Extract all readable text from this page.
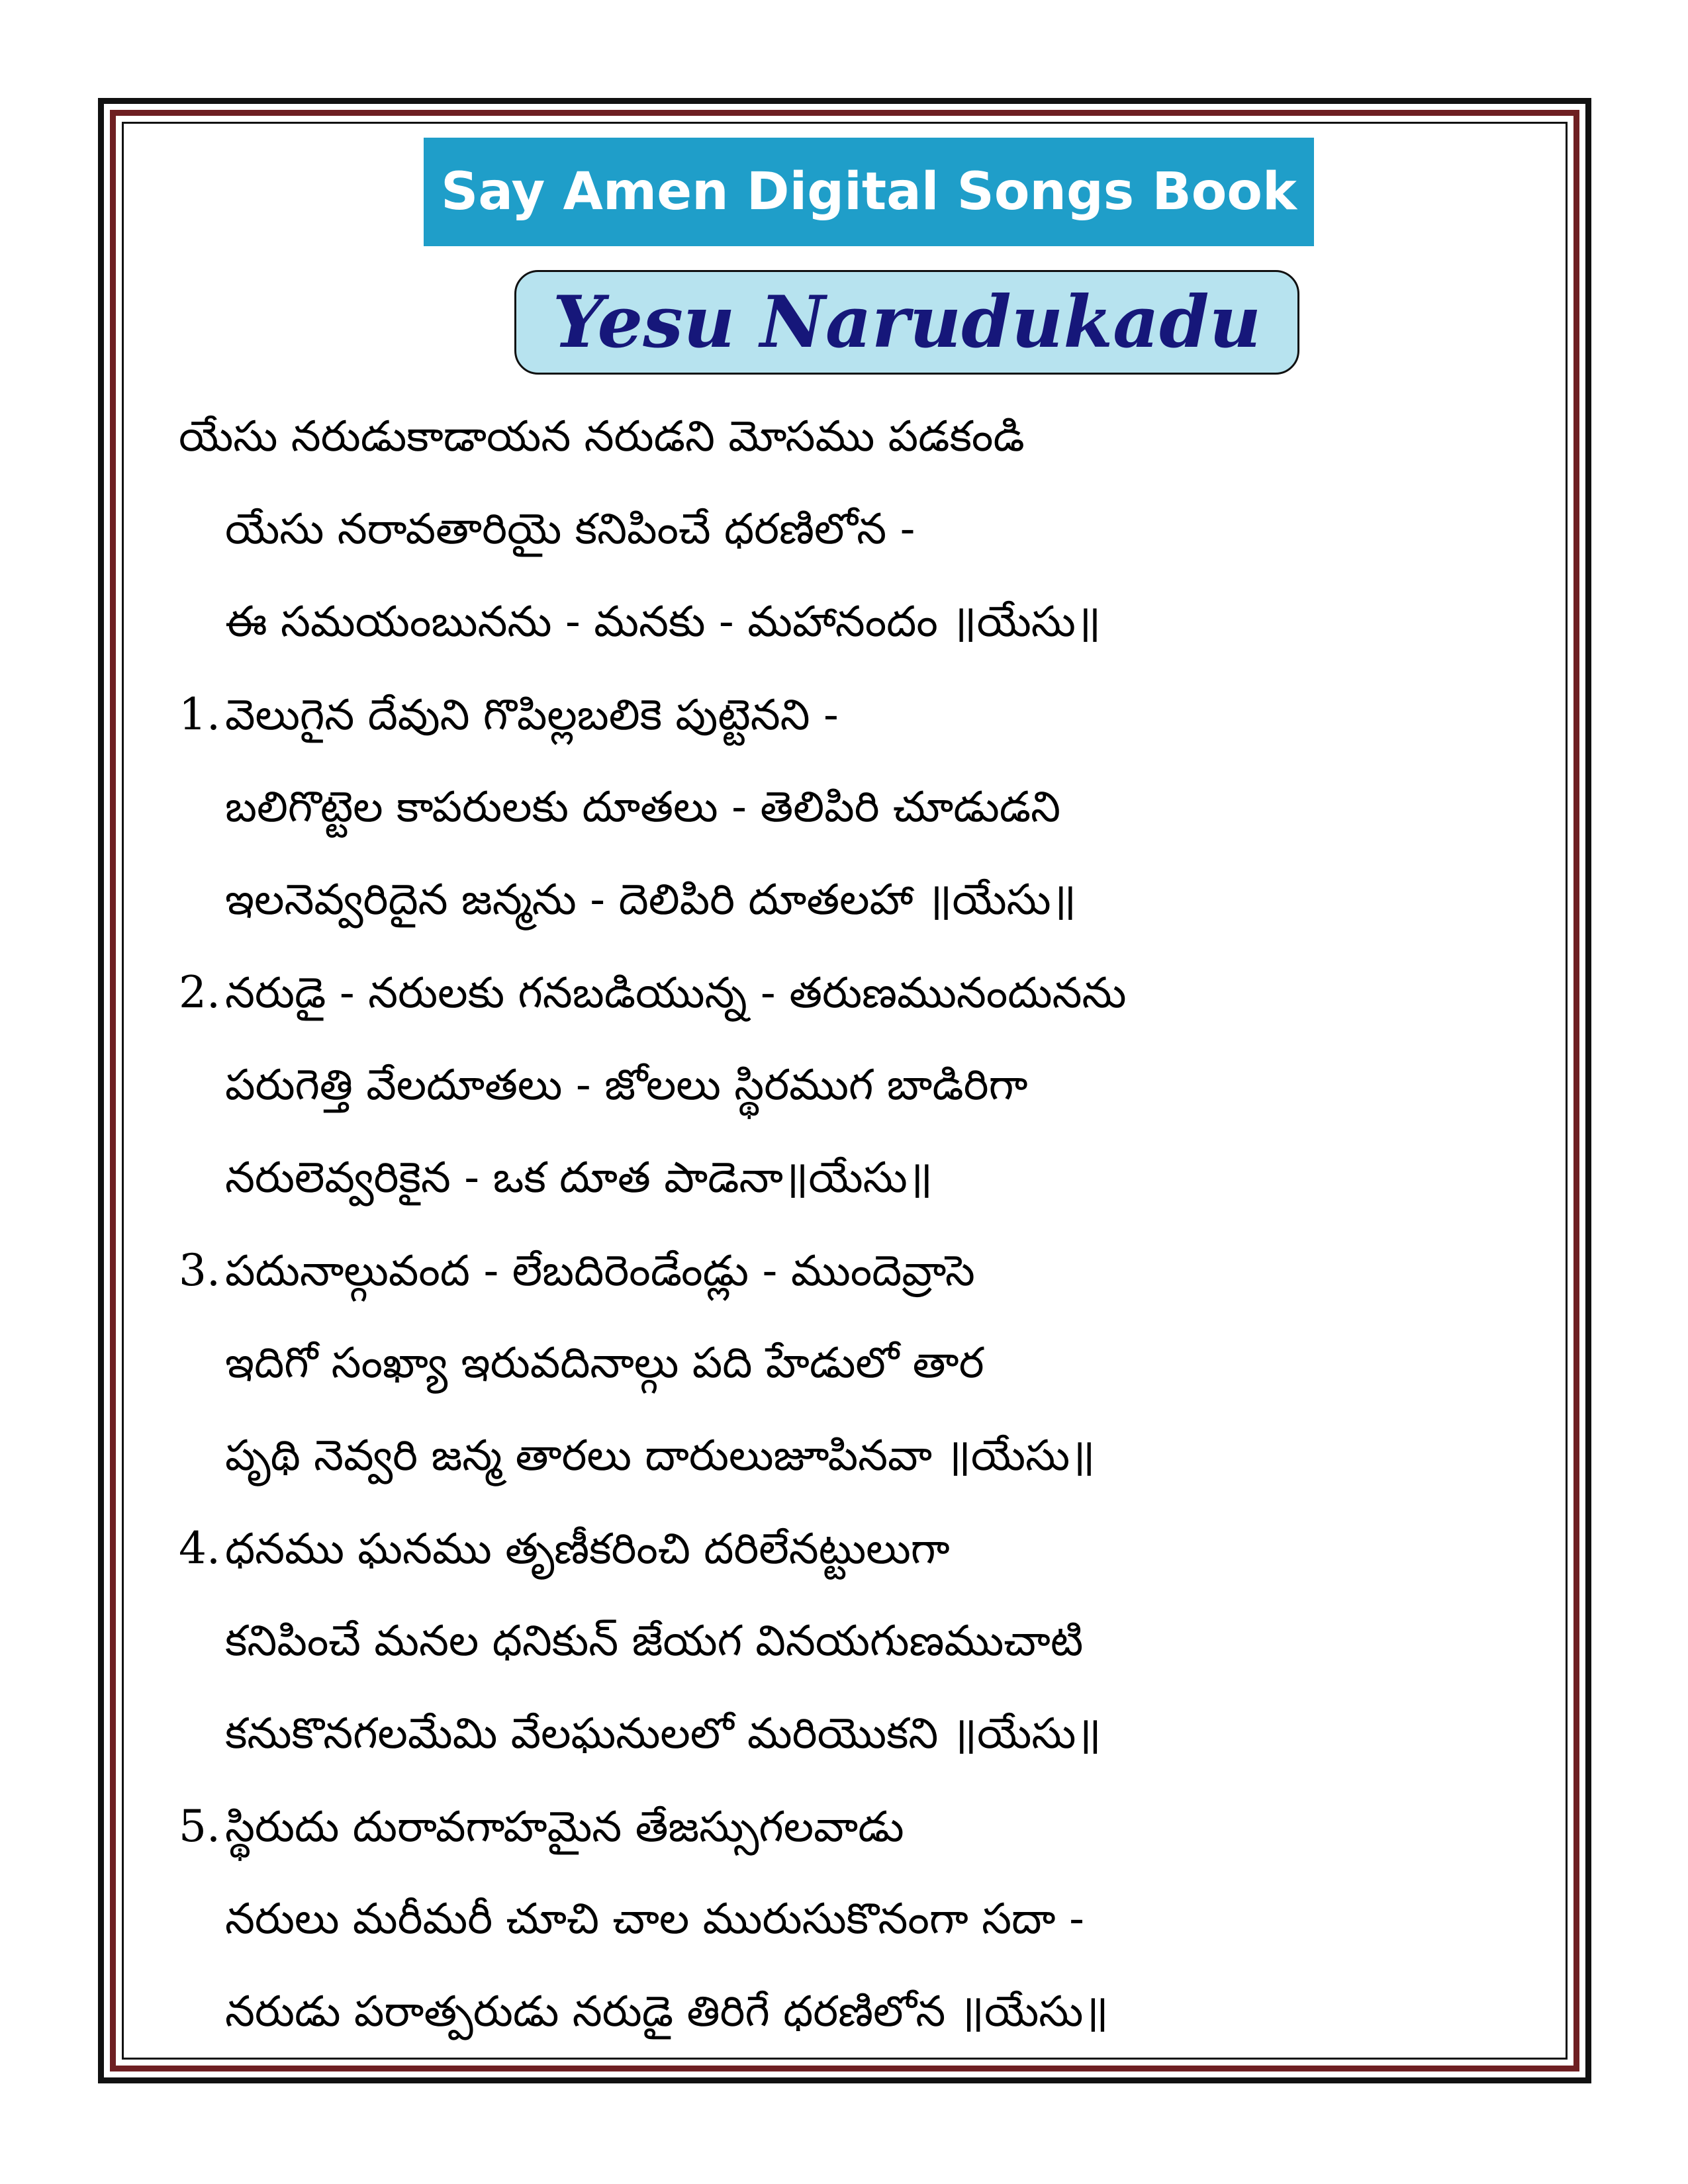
Say Amen Digital Songs Book
Yesu Narudukadu
యేసు నరుడుకాడాయన నరుడని మోసము పడకండి
యేసు నరావతారియై కనిపించే ధరణిలోన -
ఈ సమయంబునను - మనకు - మహానందం ॥యేసు॥
1. వెలుగైన దేవుని గొపిల్లబలికె పుట్టెనని -
బలిగొట్టెల కాపరులకు దూతలు - తెలిపిరి చూడుడని
ఇలనెవ్వరిదైన జన్మను - దెలిపిరి దూతలహా ॥యేసు॥
2. నరుడై - నరులకు గనబడియున్న - తరుణమునందునను
పరుగెత్తి వేలదూతలు - జోలలు స్థిరముగ బాడిరిగా
నరులెవ్వరికైన - ఒక దూత పాడెనా॥యేసు॥
3. పదునాల్గువంద - లేబదిరెండేండ్లు - ముందెవ్రాసె
ఇదిగో సంఖ్యా ఇరువదినాల్గు పది హేడులో తార
పృథి నెవ్వరి జన్మ తారలు దారులుజూపినవా ॥యేసు॥
4. ధనము ఘనము తృణీకరించి దరిలేనట్టులుగా
కనిపించే మనల ధనికున్ జేయగ వినయగుణముచాటి
కనుకొనగలమేమి వేలఘనులలో మరియొకని ॥యేసు॥
5. స్థిరుదు దురావగాహమైన తేజస్సుగలవాడు
నరులు మరీమరీ చూచి చాల మురుసుకొనంగా సదా -
నరుడు పరాత్పరుడు నరుడై తిరిగే ధరణిలోన ॥యేసు॥
